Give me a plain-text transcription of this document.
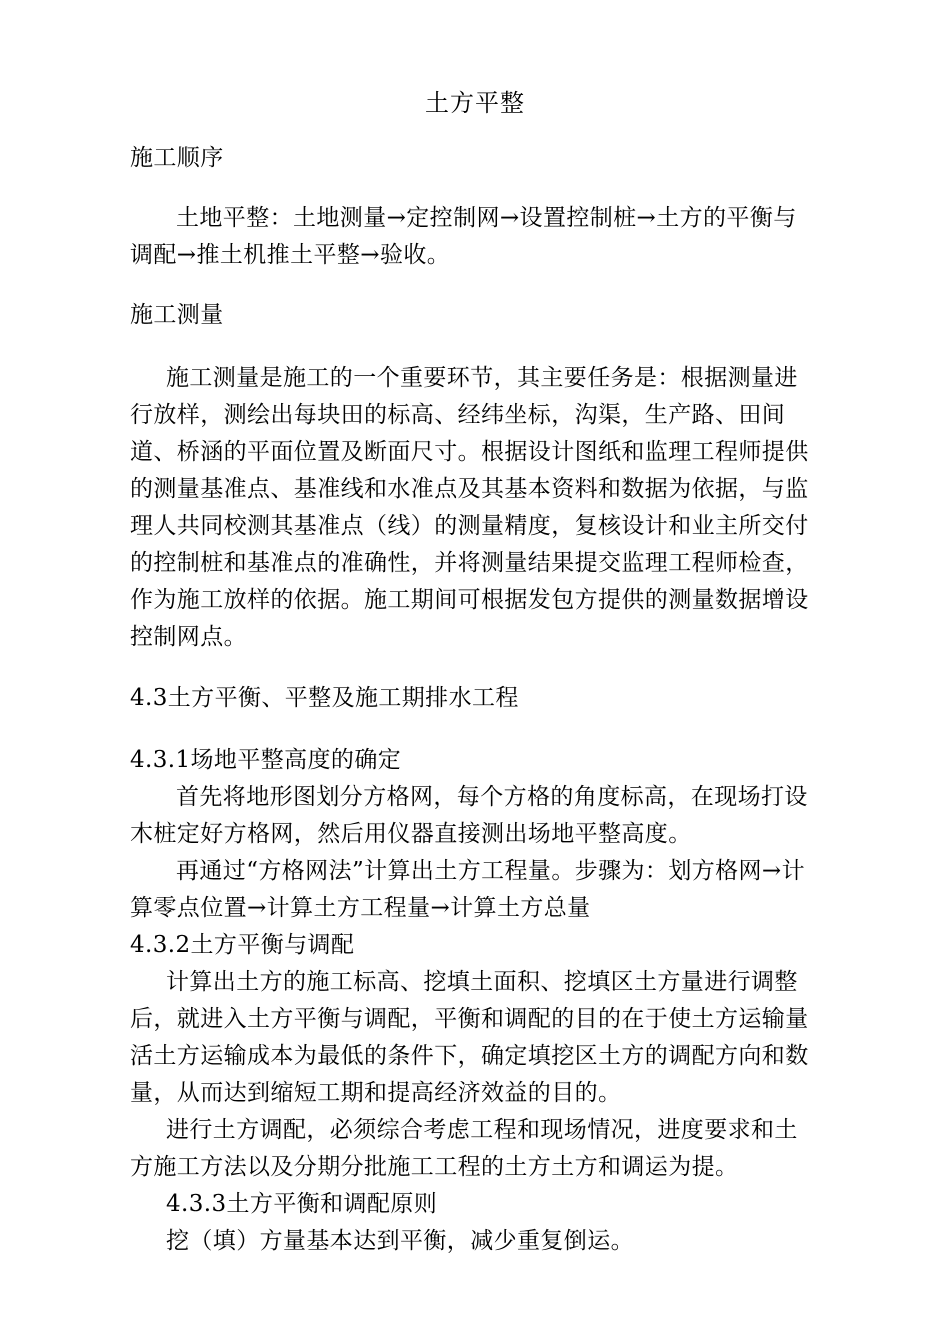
土方平整
施工顺序
土地平整：土地测量→定控制网→设置控制桩→土方的平衡与调配→推土机推土平整→验收。
施工测量
施工测量是施工的一个重要环节，其主要任务是：根据测量进行放样，测绘出每块田的标高、经纬坐标，沟渠，生产路、田间道、桥涵的平面位置及断面尺寸。根据设计图纸和监理工程师提供的测量基准点、基准线和水准点及其基本资料和数据为依据，与监理人共同校测其基准点（线）的测量精度，复核设计和业主所交付的控制桩和基准点的准确性，并将测量结果提交监理工程师检查，作为施工放样的依据。施工期间可根据发包方提供的测量数据增设控制网点。
4.3土方平衡、平整及施工期排水工程
4.3.1场地平整高度的确定
首先将地形图划分方格网，每个方格的角度标高，在现场打设木桩定好方格网，然后用仪器直接测出场地平整高度。
再通过“方格网法”计算出土方工程量。步骤为：划方格网→计算零点位置→计算土方工程量→计算土方总量
4.3.2土方平衡与调配
计算出土方的施工标高、挖填土面积、挖填区土方量进行调整后，就进入土方平衡与调配，平衡和调配的目的在于使土方运输量活土方运输成本为最低的条件下，确定填挖区土方的调配方向和数量，从而达到缩短工期和提高经济效益的目的。
进行土方调配，必须综合考虑工程和现场情况，进度要求和土方施工方法以及分期分批施工工程的土方土方和调运为提。
4.3.3土方平衡和调配原则
挖（填）方量基本达到平衡，减少重复倒运。
